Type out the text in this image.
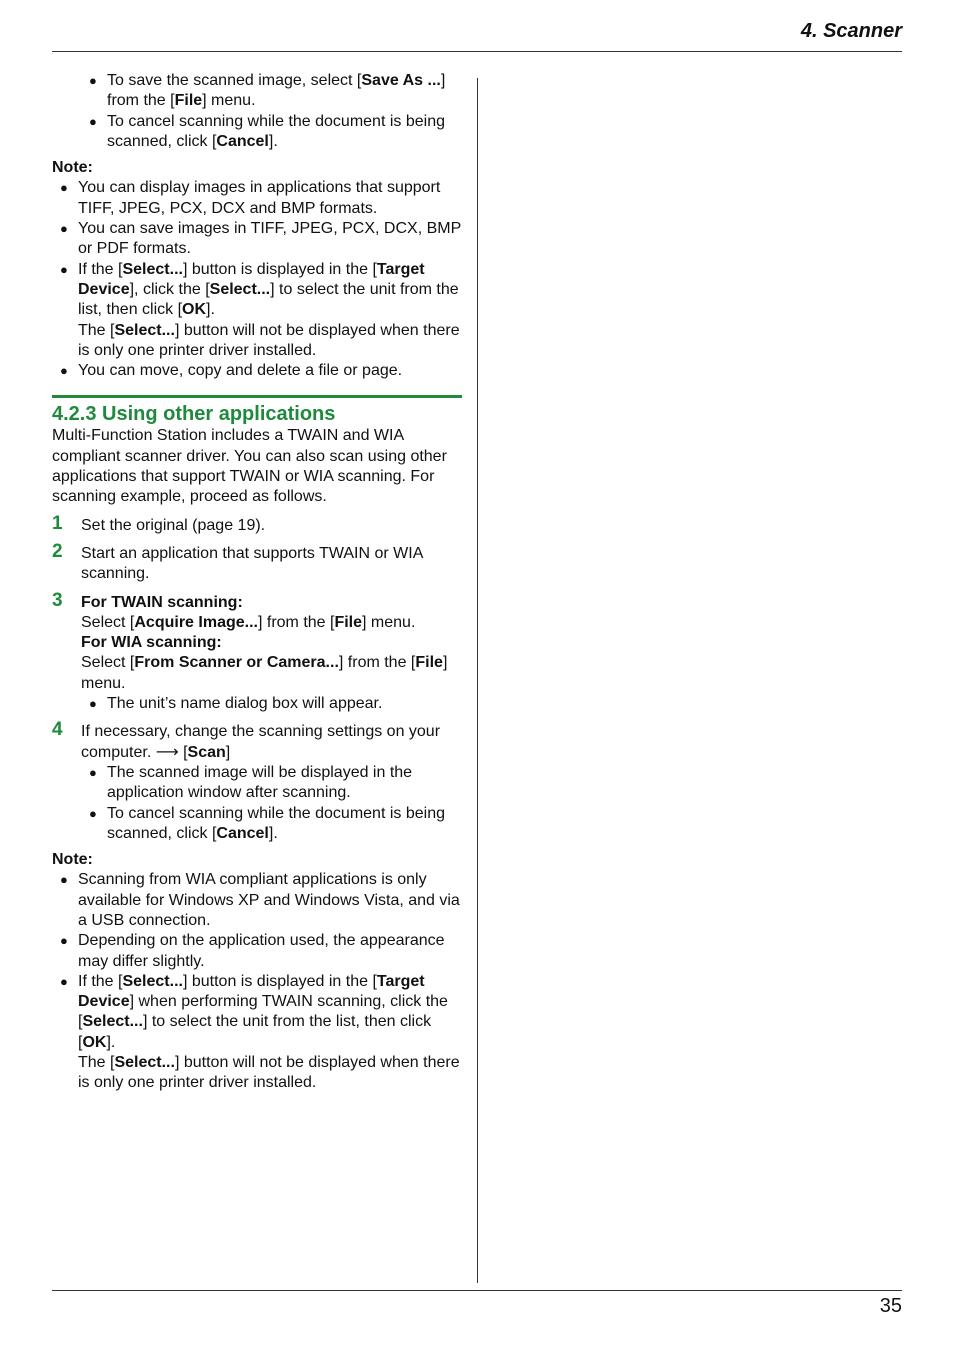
4. Scanner
● To save the scanned image, select [Save As ...] from the [File] menu.
● To cancel scanning while the document is being scanned, click [Cancel].
Note:
● You can display images in applications that support TIFF, JPEG, PCX, DCX and BMP formats.
● You can save images in TIFF, JPEG, PCX, DCX, BMP or PDF formats.
● If the [Select...] button is displayed in the [Target Device], click the [Select...] to select the unit from the list, then click [OK].
The [Select...] button will not be displayed when there is only one printer driver installed.
● You can move, copy and delete a file or page.
4.2.3 Using other applications
Multi-Function Station includes a TWAIN and WIA compliant scanner driver. You can also scan using other applications that support TWAIN or WIA scanning. For scanning example, proceed as follows.
1 Set the original (page 19).
2 Start an application that supports TWAIN or WIA scanning.
3 For TWAIN scanning:
Select [Acquire Image...] from the [File] menu.
For WIA scanning:
Select [From Scanner or Camera...] from the [File] menu.
● The unit’s name dialog box will appear.
4 If necessary, change the scanning settings on your computer. ⟶ [Scan]
● The scanned image will be displayed in the application window after scanning.
● To cancel scanning while the document is being scanned, click [Cancel].
Note:
● Scanning from WIA compliant applications is only available for Windows XP and Windows Vista, and via a USB connection.
● Depending on the application used, the appearance may differ slightly.
● If the [Select...] button is displayed in the [Target Device] when performing TWAIN scanning, click the [Select...] to select the unit from the list, then click [OK].
The [Select...] button will not be displayed when there is only one printer driver installed.
35
